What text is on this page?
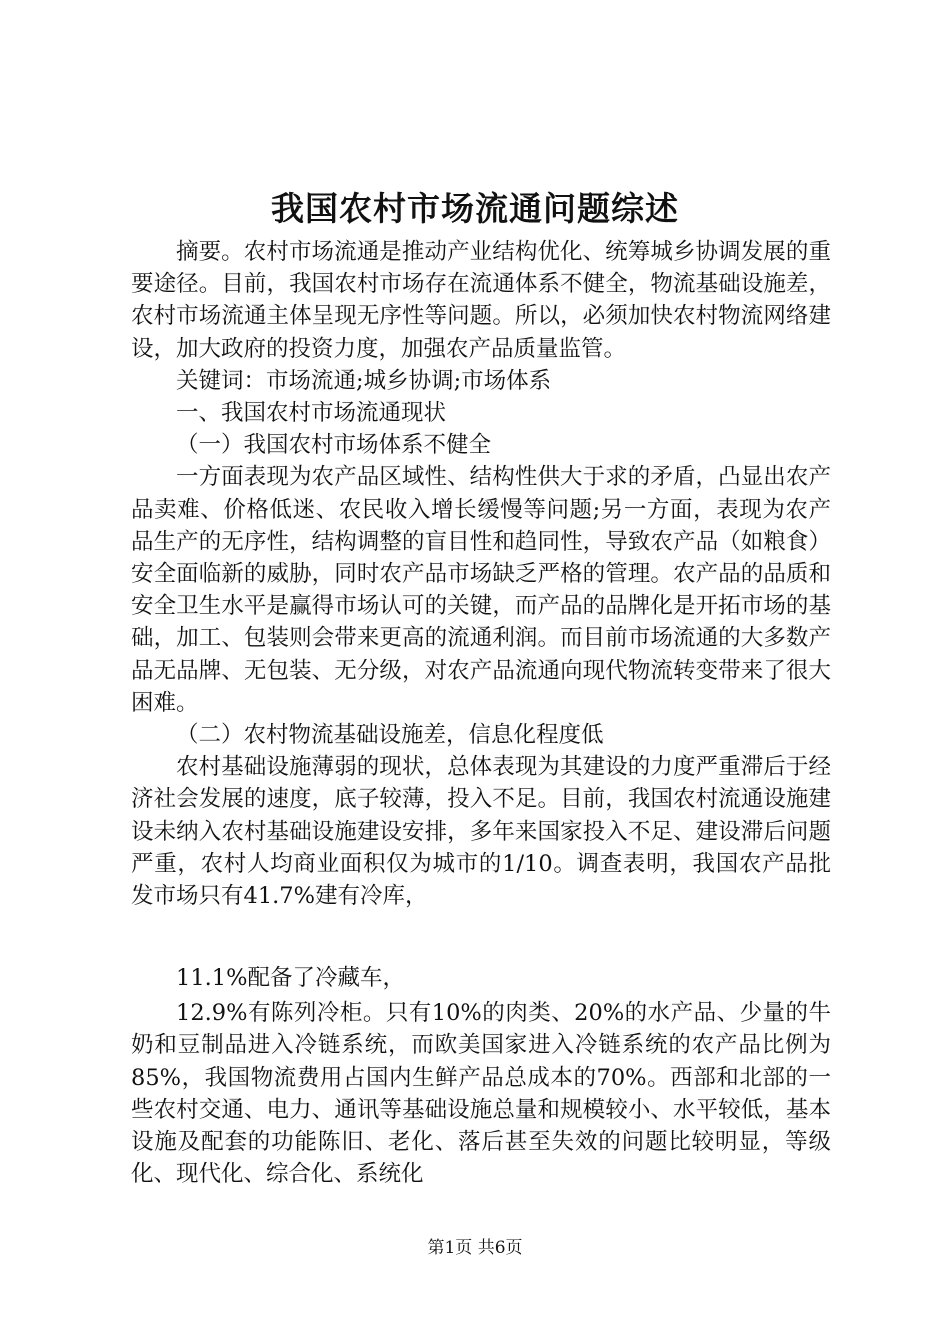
我国农村市场流通问题综述

摘要。农村市场流通是推动产业结构优化、统筹城乡协调发展的重要途径。目前，我国农村市场存在流通体系不健全，物流基础设施差，农村市场流通主体呈现无序性等问题。所以，必须加快农村物流网络建设，加大政府的投资力度，加强农产品质量监管。

关键词：市场流通;城乡协调;市场体系

一、我国农村市场流通现状

（一）我国农村市场体系不健全

一方面表现为农产品区域性、结构性供大于求的矛盾，凸显出农产品卖难、价格低迷、农民收入增长缓慢等问题;另一方面，表现为农产品生产的无序性，结构调整的盲目性和趋同性，导致农产品（如粮食）安全面临新的威胁，同时农产品市场缺乏严格的管理。农产品的品质和安全卫生水平是赢得市场认可的关键，而产品的品牌化是开拓市场的基础，加工、包装则会带来更高的流通利润。而目前市场流通的大多数产品无品牌、无包装、无分级，对农产品流通向现代物流转变带来了很大困难。

（二）农村物流基础设施差，信息化程度低

农村基础设施薄弱的现状，总体表现为其建设的力度严重滞后于经济社会发展的速度，底子较薄，投入不足。目前，我国农村流通设施建设未纳入农村基础设施建设安排，多年来国家投入不足、建设滞后问题严重，农村人均商业面积仅为城市的1/10。调查表明，我国农产品批发市场只有41.7%建有冷库，

11.1%配备了冷藏车，

12.9%有陈列冷柜。只有10%的肉类、20%的水产品、少量的牛奶和豆制品进入冷链系统，而欧美国家进入冷链系统的农产品比例为85%，我国物流费用占国内生鲜产品总成本的70%。西部和北部的一些农村交通、电力、通讯等基础设施总量和规模较小、水平较低，基本设施及配套的功能陈旧、老化、落后甚至失效的问题比较明显，等级化、现代化、综合化、系统化

第1页 共6页
